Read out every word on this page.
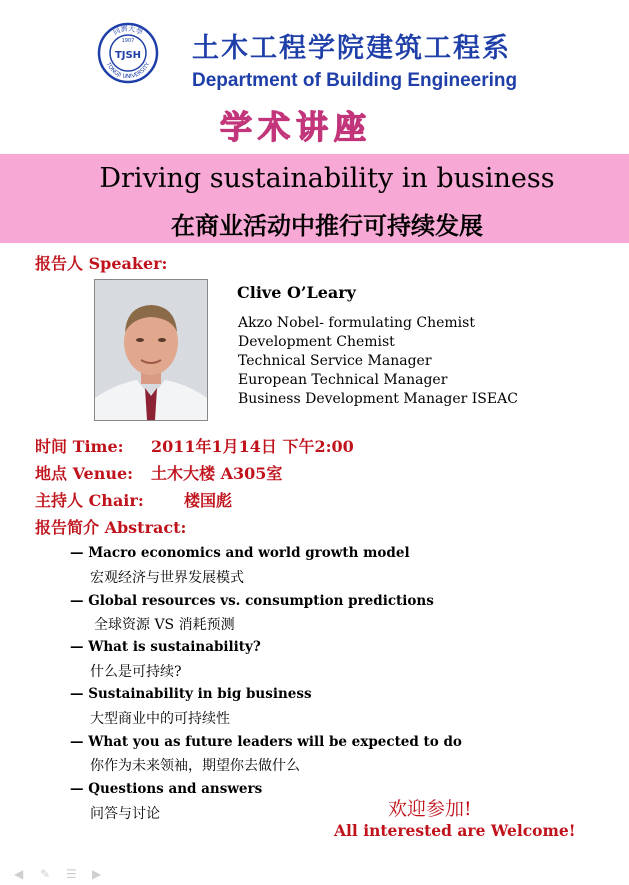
同濟大學
TONGJI UNIVERSITY
1907
TJSH 土木工程学院建筑工程系
Department of Building Engineering
学术讲座
Driving sustainability in business
在商业活动中推行可持续发展
报告人 Speaker:
Clive O’Leary
Akzo Nobel- formulating Chemist
Development Chemist
Technical Service Manager
European Technical Manager
Business Development Manager ISEAC
时间 Time: 2011年1月14日 下午2:00
地点 Venue: 土木大楼 A305室
主持人 Chair:	楼国彪
报告简介 Abstract:
— Macro economics and world growth model
宏观经济与世界发展模式
— Global resources vs. consumption predictions
全球资源 VS 消耗预测
— What is sustainability?
什么是可持续?
— Sustainability in big business
大型商业中的可持续性
— What you as future leaders will be expected to do
你作为未来领袖，期望你去做什么
— Questions and answers
问答与讨论	欢迎参加!
All interested are Welcome!
◀	✎	☰ ▶
